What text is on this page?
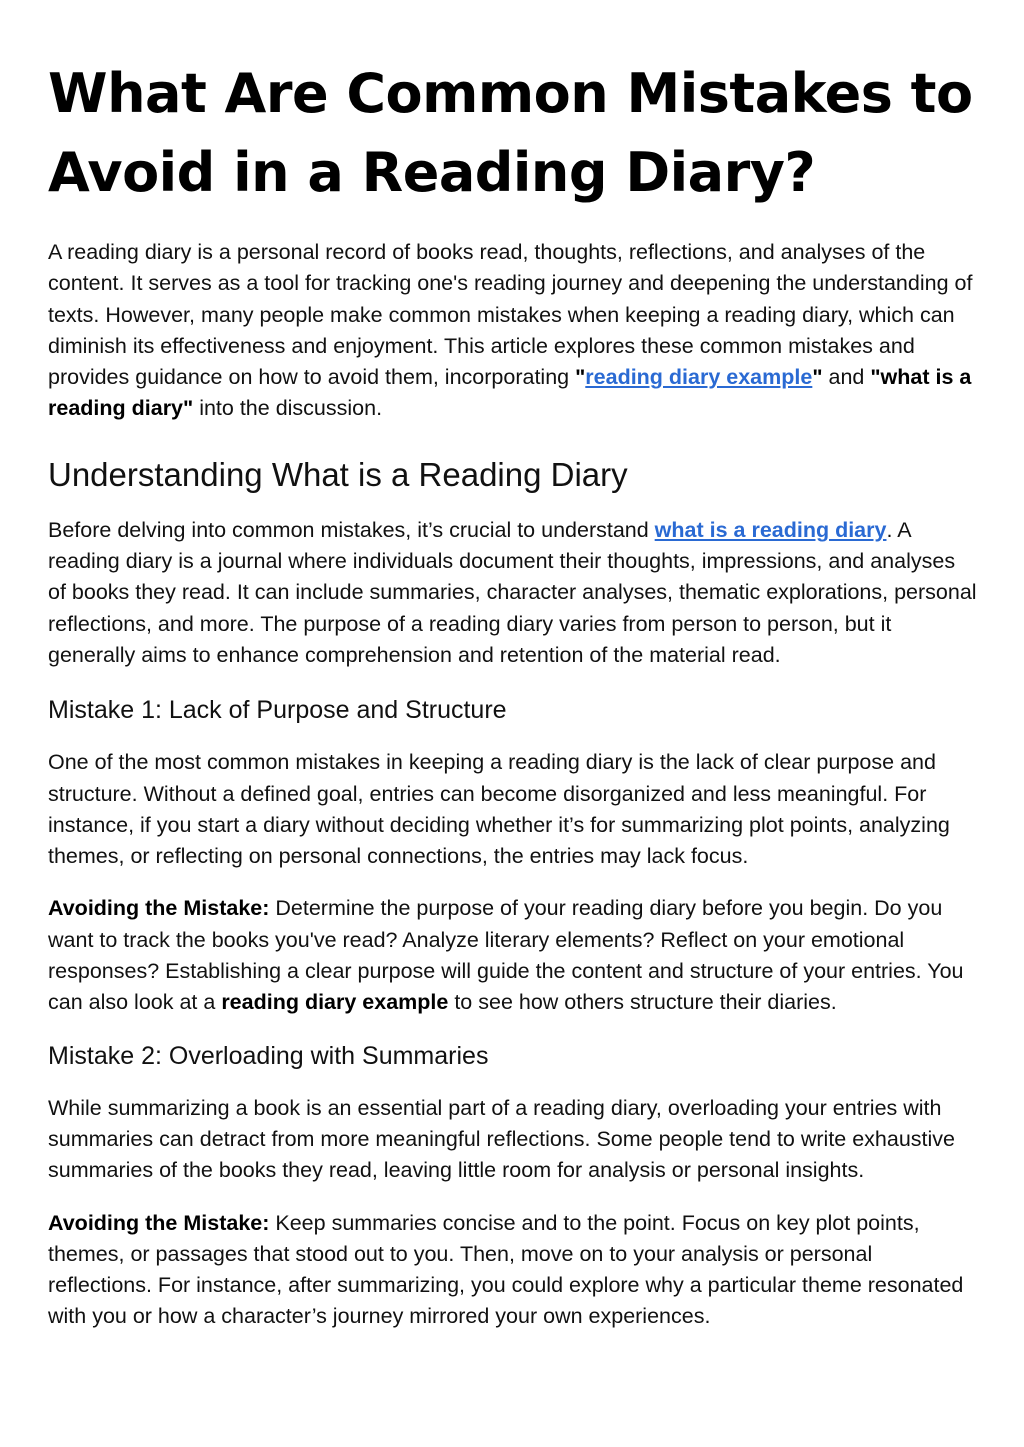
What Are Common Mistakes to Avoid in a Reading Diary?

A reading diary is a personal record of books read, thoughts, reflections, and analyses of the content. It serves as a tool for tracking one's reading journey and deepening the understanding of texts. However, many people make common mistakes when keeping a reading diary, which can diminish its effectiveness and enjoyment. This article explores these common mistakes and provides guidance on how to avoid them, incorporating "reading diary example" and "what is a reading diary" into the discussion.

Understanding What is a Reading Diary

Before delving into common mistakes, it’s crucial to understand what is a reading diary. A reading diary is a journal where individuals document their thoughts, impressions, and analyses of books they read. It can include summaries, character analyses, thematic explorations, personal reflections, and more. The purpose of a reading diary varies from person to person, but it generally aims to enhance comprehension and retention of the material read.

Mistake 1: Lack of Purpose and Structure

One of the most common mistakes in keeping a reading diary is the lack of clear purpose and structure. Without a defined goal, entries can become disorganized and less meaningful. For instance, if you start a diary without deciding whether it’s for summarizing plot points, analyzing themes, or reflecting on personal connections, the entries may lack focus.

Avoiding the Mistake: Determine the purpose of your reading diary before you begin. Do you want to track the books you've read? Analyze literary elements? Reflect on your emotional responses? Establishing a clear purpose will guide the content and structure of your entries. You can also look at a reading diary example to see how others structure their diaries.

Mistake 2: Overloading with Summaries

While summarizing a book is an essential part of a reading diary, overloading your entries with summaries can detract from more meaningful reflections. Some people tend to write exhaustive summaries of the books they read, leaving little room for analysis or personal insights.

Avoiding the Mistake: Keep summaries concise and to the point. Focus on key plot points, themes, or passages that stood out to you. Then, move on to your analysis or personal reflections. For instance, after summarizing, you could explore why a particular theme resonated with you or how a character’s journey mirrored your own experiences.
